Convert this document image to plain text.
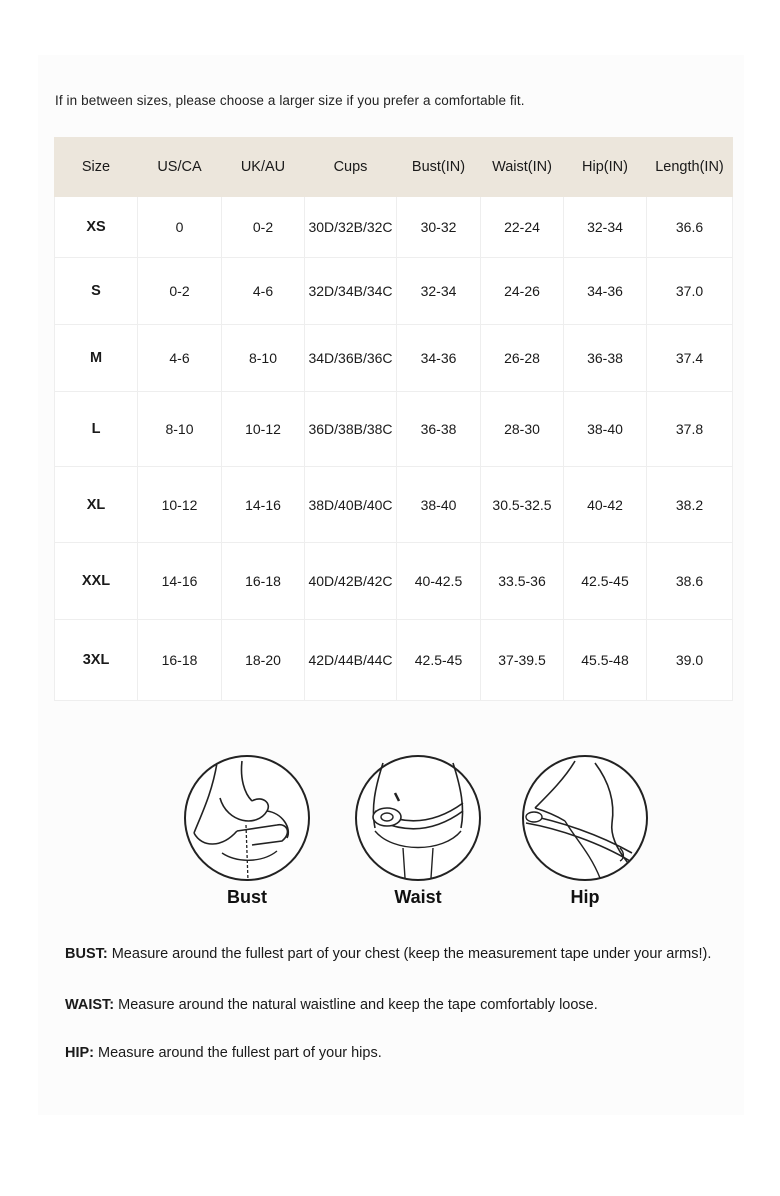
If in between sizes, please choose a larger size if you prefer a comfortable fit.
Size	US/CA	UK/AU	Cups	Bust(IN)	Waist(IN)	Hip(IN)	Length(IN)
XS	0	0-2	30D/32B/32C	30-32	22-24	32-34	36.6
S	0-2	4-6	32D/34B/34C	32-34	24-26	34-36	37.0
M	4-6	8-10	34D/36B/36C	34-36	26-28	36-38	37.4
L	8-10	10-12	36D/38B/38C	36-38	28-30	38-40	37.8
XL	10-12	14-16	38D/40B/40C	38-40	30.5-32.5	40-42	38.2
XXL	14-16	16-18	40D/42B/42C	40-42.5	33.5-36	42.5-45	38.6
3XL	16-18	18-20	42D/44B/44C	42.5-45	37-39.5	45.5-48	39.0
Bust	Waist	Hip
BUST: Measure around the fullest part of your chest (keep the measurement tape under your arms!).
WAIST: Measure around the natural waistline and keep the tape comfortably loose.
HIP: Measure around the fullest part of your hips.
